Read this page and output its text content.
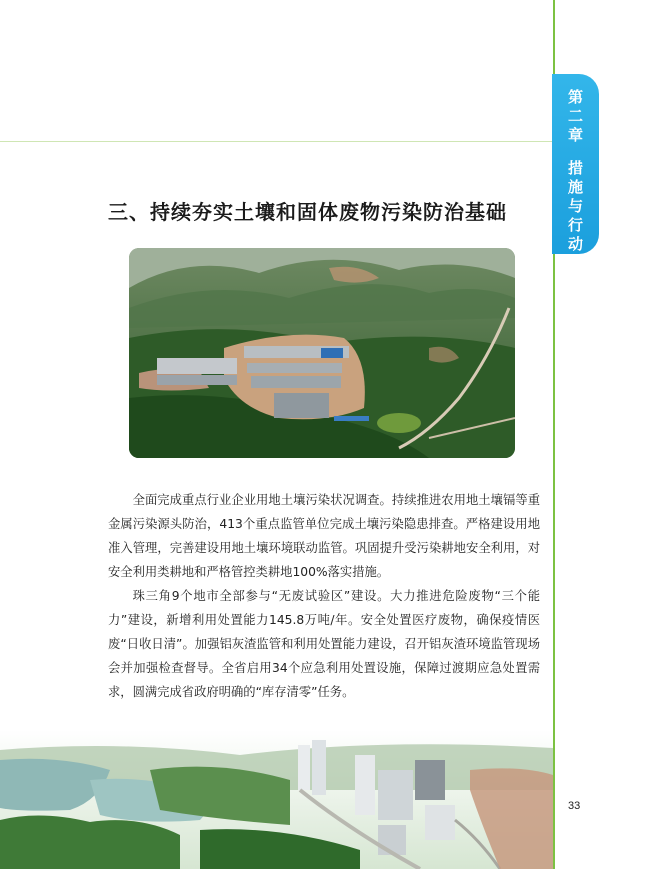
第
二
章
措
施
与
行
动
三、持续夯实土壤和固体废物污染防治基础

全面完成重点行业企业用地土壤污染状况调查。持续推进农用地土壤镉等重金属污染源头防治，413个重点监管单位完成土壤污染隐患排查。严格建设用地准入管理，完善建设用地土壤环境联动监管。巩固提升受污染耕地安全利用，对安全利用类耕地和严格管控类耕地100%落实措施。

珠三角9个地市全部参与“无废试验区”建设。大力推进危险废物“三个能力”建设，新增利用处置能力145.8万吨/年。安全处置医疗废物，确保疫情医废“日收日清”。加强铝灰渣监管和利用处置能力建设，召开铝灰渣环境监管现场会并加强检查督导。全省启用34个应急利用处置设施，保障过渡期应急处置需求，圆满完成省政府明确的“库存清零”任务。

33
